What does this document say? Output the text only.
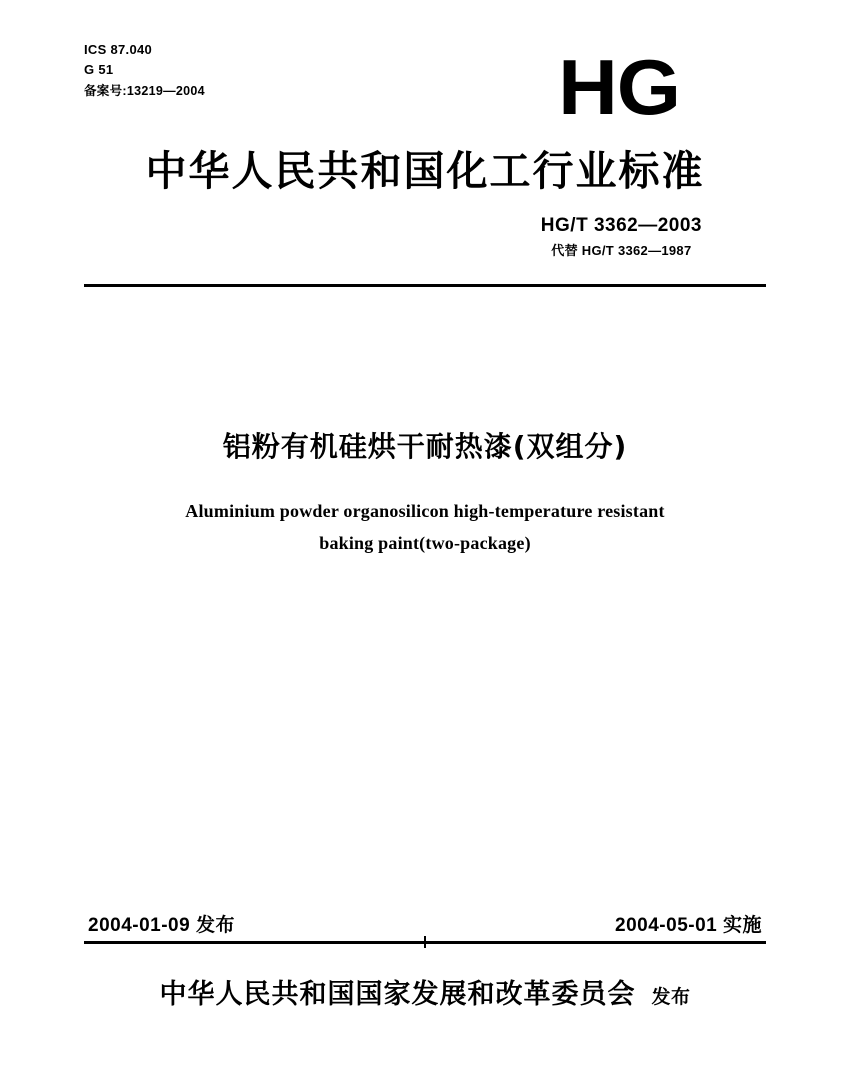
ICS 87.040
G 51
备案号:13219—2004	HG
中华人民共和国化工行业标准
HG/T 3362—2003
代替 HG/T 3362—1987
铝粉有机硅烘干耐热漆(双组分)
Aluminium powder organosilicon high-temperature resistant
baking paint(two-package)
2004-01-09 发布	2004-05-01 实施
中华人民共和国国家发展和改革委员会 发布
